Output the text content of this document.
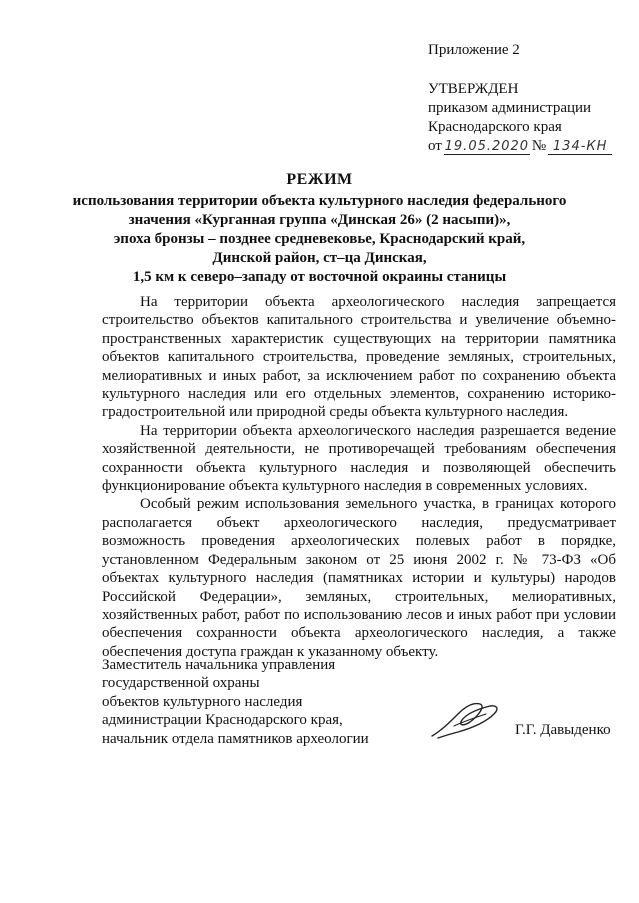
Приложение 2
УТВЕРЖДЕН
приказом администрации
Краснодарского края
от 19.05.2020 № 134-КН
РЕЖИМ
использования территории объекта культурного наследия федерального
значения «Курганная группа «Динская 26» (2 насыпи)»,
эпоха бронзы – позднее средневековье, Краснодарский край,
Динской район, ст–ца Динская,
1,5 км к северо–западу от восточной окраины станицы

На территории объекта археологического наследия запрещается строительство объектов капитального строительства и увеличение объемно-пространственных характеристик существующих на территории памятника объектов капитального строительства, проведение земляных, строительных, мелиоративных и иных работ, за исключением работ по сохранению объекта культурного наследия или его отдельных элементов, сохранению историко-градостроительной или природной среды объекта культурного наследия.

На территории объекта археологического наследия разрешается ведение хозяйственной деятельности, не противоречащей требованиям обеспечения сохранности объекта культурного наследия и позволяющей обеспечить функционирование объекта культурного наследия в современных условиях.

Особый режим использования земельного участка, в границах которого располагается объект археологического наследия, предусматривает возможность проведения археологических полевых работ в порядке, установленном Федеральным законом от 25 июня 2002 г. № 73-ФЗ «Об объектах культурного наследия (памятниках истории и культуры) народов Российской Федерации», земляных, строительных, мелиоративных, хозяйственных работ, работ по использованию лесов и иных работ при условии обеспечения сохранности объекта археологического наследия, а также обеспечения доступа граждан к указанному объекту.

Заместитель начальника управления
государственной охраны
объектов культурного наследия
администрации Краснодарского края,
начальник отдела памятников археологии
Г.Г. Давыденко
